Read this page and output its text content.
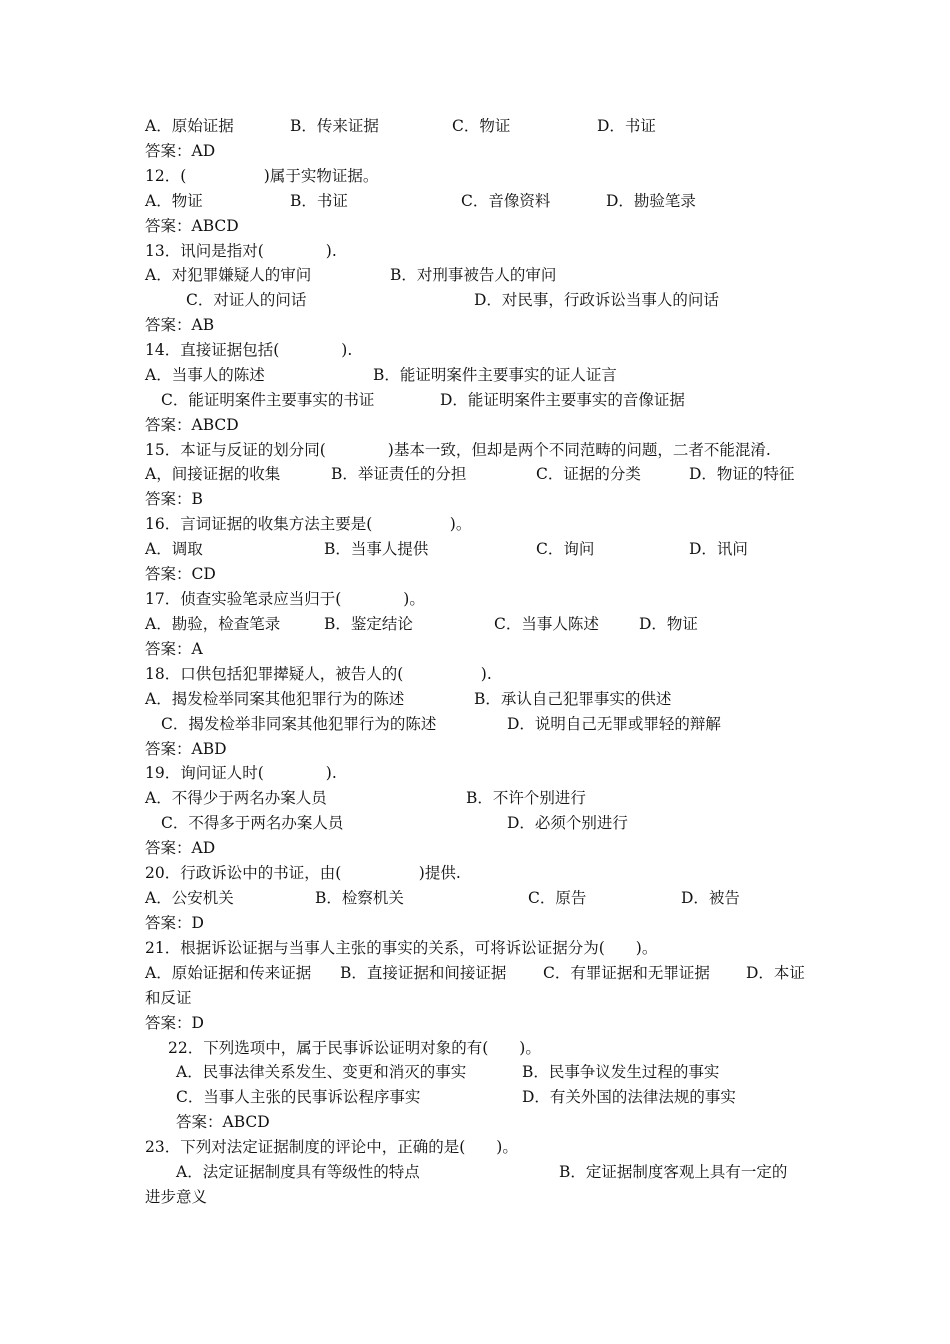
A．原始证据	B．传来证据	C．物证	D．书证
答案：AD
12．(　　　　　)属于实物证据。
A．物证	B．书证	C．音像资料	D．勘验笔录
答案：ABCD
13．讯问是指对(　　　　).
A．对犯罪嫌疑人的审问	B．对刑事被告人的审问
C．对证人的问话	D．对民事，行政诉讼当事人的问话
答案：AB
14．直接证据包括(　　　　).
A．当事人的陈述	B．能证明案件主要事实的证人证言
C．能证明案件主要事实的书证	D．能证明案件主要事实的音像证据
答案：ABCD
15．本证与反证的划分同(　　　　)基本一致，但却是两个不同范畴的问题，二者不能混淆.
A，间接证据的收集	B．举证责任的分担	C．证据的分类	D．物证的特征
答案：B
16．言词证据的收集方法主要是(　　　　　)。
A．调取	B．当事人提供	C．询问	D．讯问
答案：CD
17．侦查实验笔录应当归于(　　　　)。
A．勘验，检查笔录	B．鉴定结论	C．当事人陈述	D．物证
答案：A
18．口供包括犯罪撵疑人，被告人的(　　　　　).
A．揭发检举同案其他犯罪行为的陈述	B．承认自己犯罪事实的供述
C．揭发检举非同案其他犯罪行为的陈述	D．说明自己无罪或罪轻的辩解
答案：ABD
19．询问证人时(　　　　).
A．不得少于两名办案人员	B．不许个别进行
C．不得多于两名办案人员	D．必须个别进行
答案：AD
20．行政诉讼中的书证，由(　　　　　)提供.
A．公安机关	B．检察机关	C．原告	D．被告
答案：D
21．根据诉讼证据与当事人主张的事实的关系，可将诉讼证据分为(　　)。
A．原始证据和传来证据 B．直接证据和间接证据 C．有罪证据和无罪证据 D．本证
和反证
答案：D
22．下列选项中，属于民事诉讼证明对象的有(　　)。
A．民事法律关系发生、变更和消灭的事实	B．民事争议发生过程的事实
C．当事人主张的民事诉讼程序事实	D．有关外国的法律法规的事实
答案：ABCD
23．下列对法定证据制度的评论中，正确的是(　　)。
A．法定证据制度具有等级性的特点	B．定证据制度客观上具有一定的
进步意义
